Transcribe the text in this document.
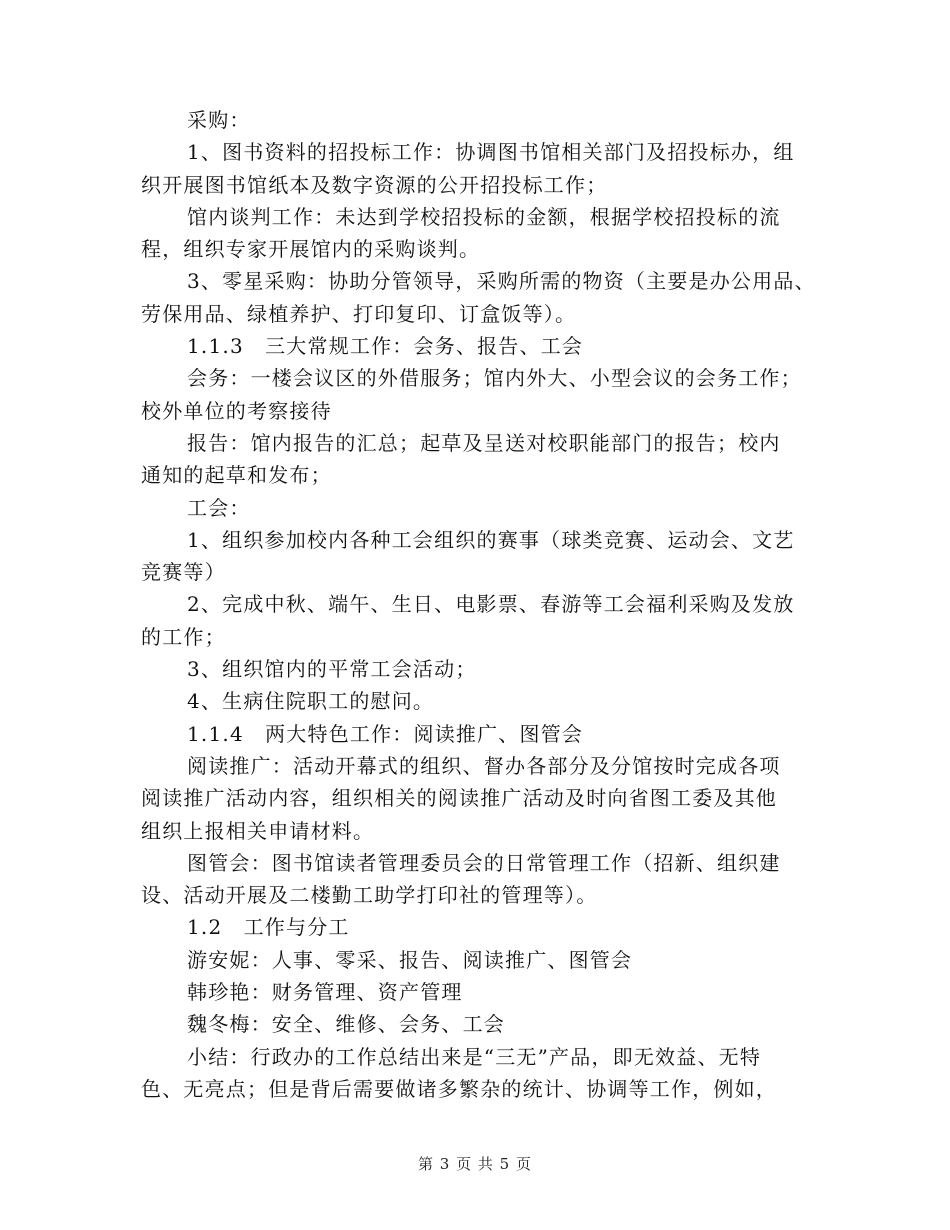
采购：

1、图书资料的招投标工作：协调图书馆相关部门及招投标办，组

织开展图书馆纸本及数字资源的公开招投标工作；

馆内谈判工作：未达到学校招投标的金额，根据学校招投标的流

程，组织专家开展馆内的采购谈判。

3、零星采购：协助分管领导，采购所需的物资（主要是办公用品、

劳保用品、绿植养护、打印复印、订盒饭等）。

1.1.3　三大常规工作：会务、报告、工会

会务：一楼会议区的外借服务；馆内外大、小型会议的会务工作；

校外单位的考察接待

报告：馆内报告的汇总；起草及呈送对校职能部门的报告；校内

通知的起草和发布；

工会：

1、组织参加校内各种工会组织的赛事（球类竞赛、运动会、文艺

竞赛等）

2、完成中秋、端午、生日、电影票、春游等工会福利采购及发放

的工作；

3、组织馆内的平常工会活动；

4、生病住院职工的慰问。

1.1.4　两大特色工作：阅读推广、图管会

阅读推广：活动开幕式的组织、督办各部分及分馆按时完成各项

阅读推广活动内容，组织相关的阅读推广活动及时向省图工委及其他

组织上报相关申请材料。

图管会：图书馆读者管理委员会的日常管理工作（招新、组织建

设、活动开展及二楼勤工助学打印社的管理等）。

1.2　工作与分工

游安妮：人事、零采、报告、阅读推广、图管会

韩珍艳：财务管理、资产管理

魏冬梅：安全、维修、会务、工会

小结：行政办的工作总结出来是“三无”产品，即无效益、无特

色、无亮点；但是背后需要做诸多繁杂的统计、协调等工作，例如，

第 3 页 共 5 页
